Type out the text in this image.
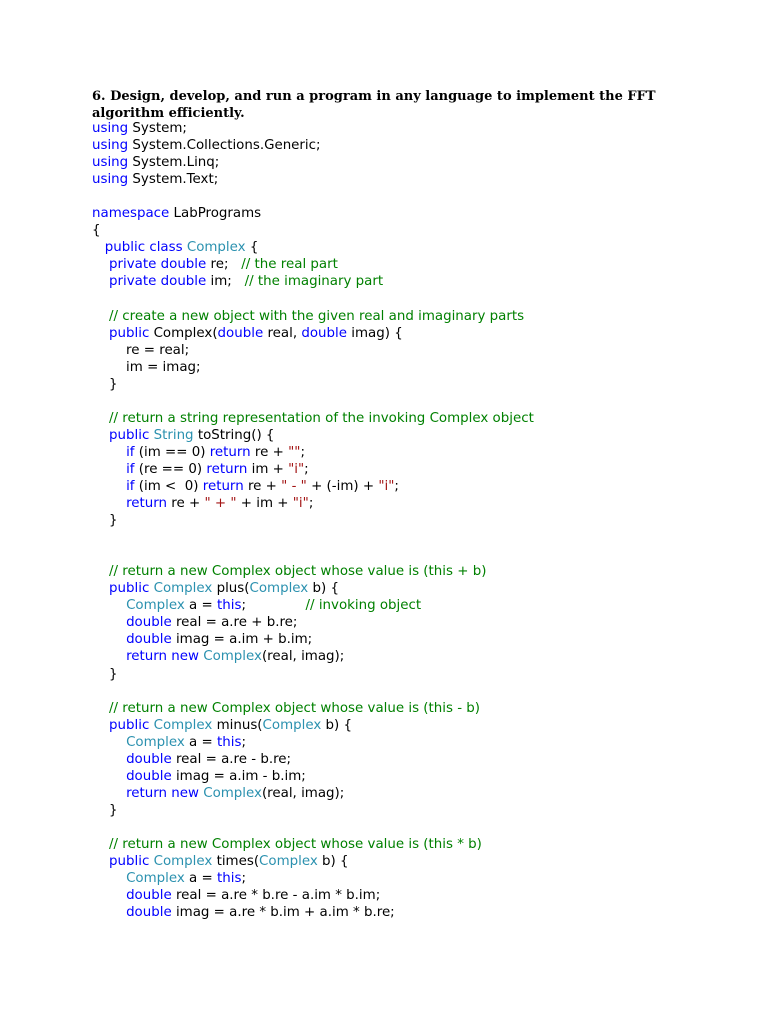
6. Design, develop, and run a program in any language to implement the FFT algorithm efficiently.
using System;
using System.Collections.Generic;
using System.Linq;
using System.Text;

namespace LabPrograms
{
public class Complex {
private double re;   // the real part
private double im;   // the imaginary part

// create a new object with the given real and imaginary parts
public Complex(double real, double imag) {
re = real;
im = imag;
}

// return a string representation of the invoking Complex object
public String toString() {
if (im == 0) return re + "";
if (re == 0) return im + "i";
if (im <  0) return re + " - " + (-im) + "i";
return re + " + " + im + "i";
}

// return a new Complex object whose value is (this + b)
public Complex plus(Complex b) {
Complex a = this;              // invoking object
double real = a.re + b.re;
double imag = a.im + b.im;
return new Complex(real, imag);
}

// return a new Complex object whose value is (this - b)
public Complex minus(Complex b) {
Complex a = this;
double real = a.re - b.re;
double imag = a.im - b.im;
return new Complex(real, imag);
}

// return a new Complex object whose value is (this * b)
public Complex times(Complex b) {
Complex a = this;
double real = a.re * b.re - a.im * b.im;
double imag = a.re * b.im + a.im * b.re;
